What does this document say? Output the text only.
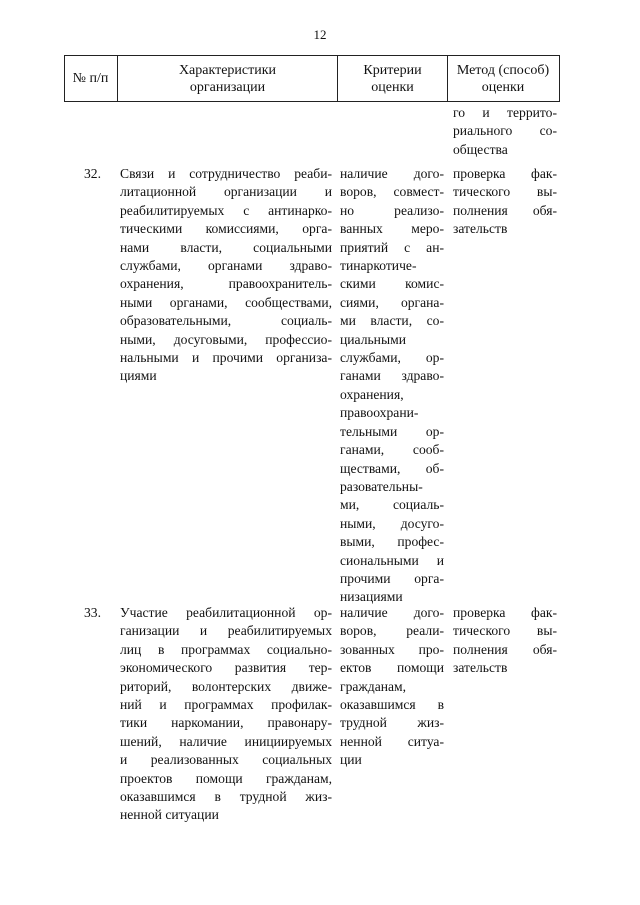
12
№ п/п
Характеристики организации
Критерии оценки
Метод (способ) оценки
го и террито-
риального со-
общества
32.	Связи и сотрудничество реаби-
литационной организации и
реабилитируемых с антинарко-
тическими комиссиями, орга-
нами власти, социальными
службами, органами здраво-
охранения, правоохранитель-
ными органами, сообществами,
образовательными, социаль-
ными, досуговыми, профессио-
нальными и прочими организа-
циями
наличие дого-
воров, совмест-
но реализо-
ванных меро-
приятий с ан-
тинаркотиче-
скими комис-
сиями, органа-
ми власти, со-
циальными
службами, ор-
ганами здраво-
охранения,
правоохрани-
тельными ор-
ганами, сооб-
ществами, об-
разовательны-
ми, социаль-
ными, досуго-
выми, профес-
сиональными и
прочими орга-
низациями
проверка фак-
тического вы-
полнения обя-
зательств
33.	Участие реабилитационной ор-
ганизации и реабилитируемых
лиц в программах социально-
экономического развития тер-
риторий, волонтерских движе-
ний и программах профилак-
тики наркомании, правонару-
шений, наличие инициируемых
и реализованных социальных
проектов помощи гражданам,
оказавшимся в трудной жиз-
ненной ситуации
наличие дого-
воров, реали-
зованных про-
ектов помощи
гражданам,
оказавшимся в
трудной жиз-
ненной ситуа-
ции
проверка фак-
тического вы-
полнения обя-
зательств
